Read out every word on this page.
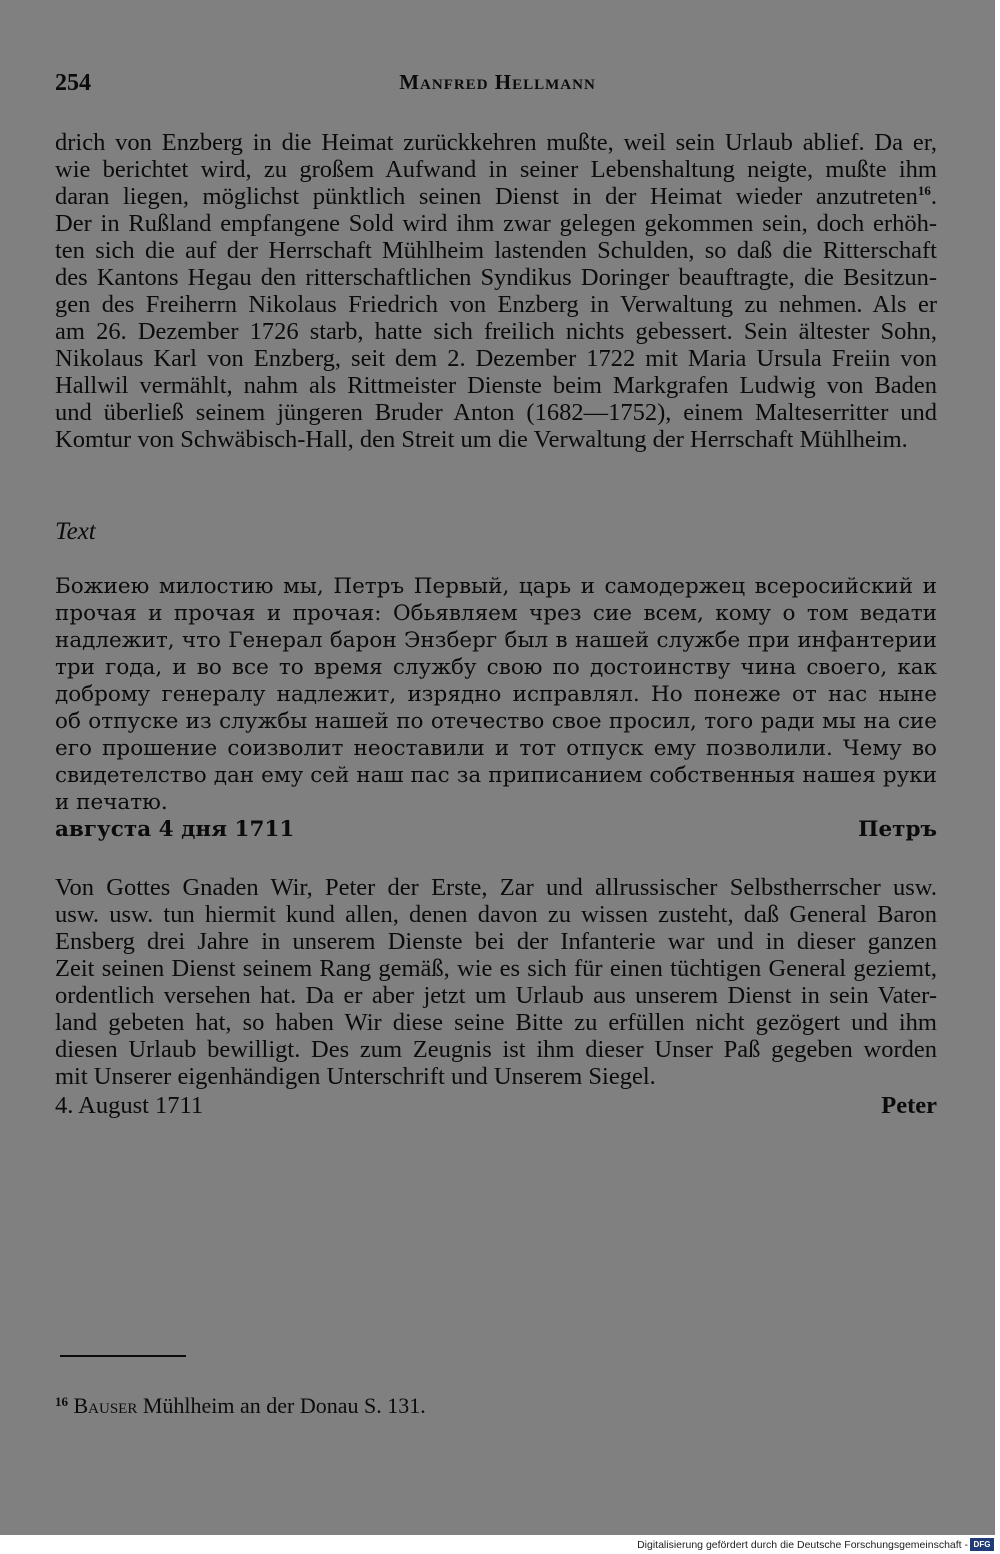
254	Manfred Hellmann
drich von Enzberg in die Heimat zurückkehren mußte, weil sein Urlaub ablief. Da er,
wie berichtet wird, zu großem Aufwand in seiner Lebenshaltung neigte, mußte ihm
daran liegen, möglichst pünktlich seinen Dienst in der Heimat wieder anzutreten$^{16}$.
Der in Rußland empfangene Sold wird ihm zwar gelegen gekommen sein, doch erhöh-
ten sich die auf der Herrschaft Mühlheim lastenden Schulden, so daß die Ritterschaft
des Kantons Hegau den ritterschaftlichen Syndikus Doringer beauftragte, die Besitzun-
gen des Freiherrn Nikolaus Friedrich von Enzberg in Verwaltung zu nehmen. Als er
am 26. Dezember 1726 starb, hatte sich freilich nichts gebessert. Sein ältester Sohn,
Nikolaus Karl von Enzberg, seit dem 2. Dezember 1722 mit Maria Ursula Freiin von
Hallwil vermählt, nahm als Rittmeister Dienste beim Markgrafen Ludwig von Baden
und überließ seinem jüngeren Bruder Anton (1682—1752), einem Malteserritter und
Komtur von Schwäbisch-Hall, den Streit um die Verwaltung der Herrschaft Mühlheim.
Text
Божиею милостию мы, Петръ Первый, царь и самодержец всеросийский и
прочая и прочая и прочая: Обьявляем чрез сие всем, кому о том ведати
надлежит, что Генерал барон Энзберг был в нашей службе при инфантерии
три года, и во все то время службу свою по достоинству чина своего, как
доброму генералу надлежит, изрядно исправлял. Но понеже от нас ныне
об отпуске из службы нашей по отечество свое просил, того ради мы на сие
его прошение соизволит неоставили и тот отпуск ему позволили. Чему во
свидетелство дан ему сей наш пас за приписанием собственныя нашея руки
и печатю.
августа 4 дня 1711	Петръ
Von Gottes Gnaden Wir, Peter der Erste, Zar und allrussischer Selbstherrscher usw.
usw. usw. tun hiermit kund allen, denen davon zu wissen zusteht, daß General Baron
Ensberg drei Jahre in unserem Dienste bei der Infanterie war und in dieser ganzen
Zeit seinen Dienst seinem Rang gemäß, wie es sich für einen tüchtigen General geziemt,
ordentlich versehen hat. Da er aber jetzt um Urlaub aus unserem Dienst in sein Vater-
land gebeten hat, so haben Wir diese seine Bitte zu erfüllen nicht gezögert und ihm
diesen Urlaub bewilligt. Des zum Zeugnis ist ihm dieser Unser Paß gegeben worden
mit Unserer eigenhändigen Unterschrift und Unserem Siegel.
4. August 1711	Peter
$^{16}$ Bauser Mühlheim an der Donau S. 131.
Digitalisierung gefördert durch die Deutsche Forschungsgemeinschaft - DFG
